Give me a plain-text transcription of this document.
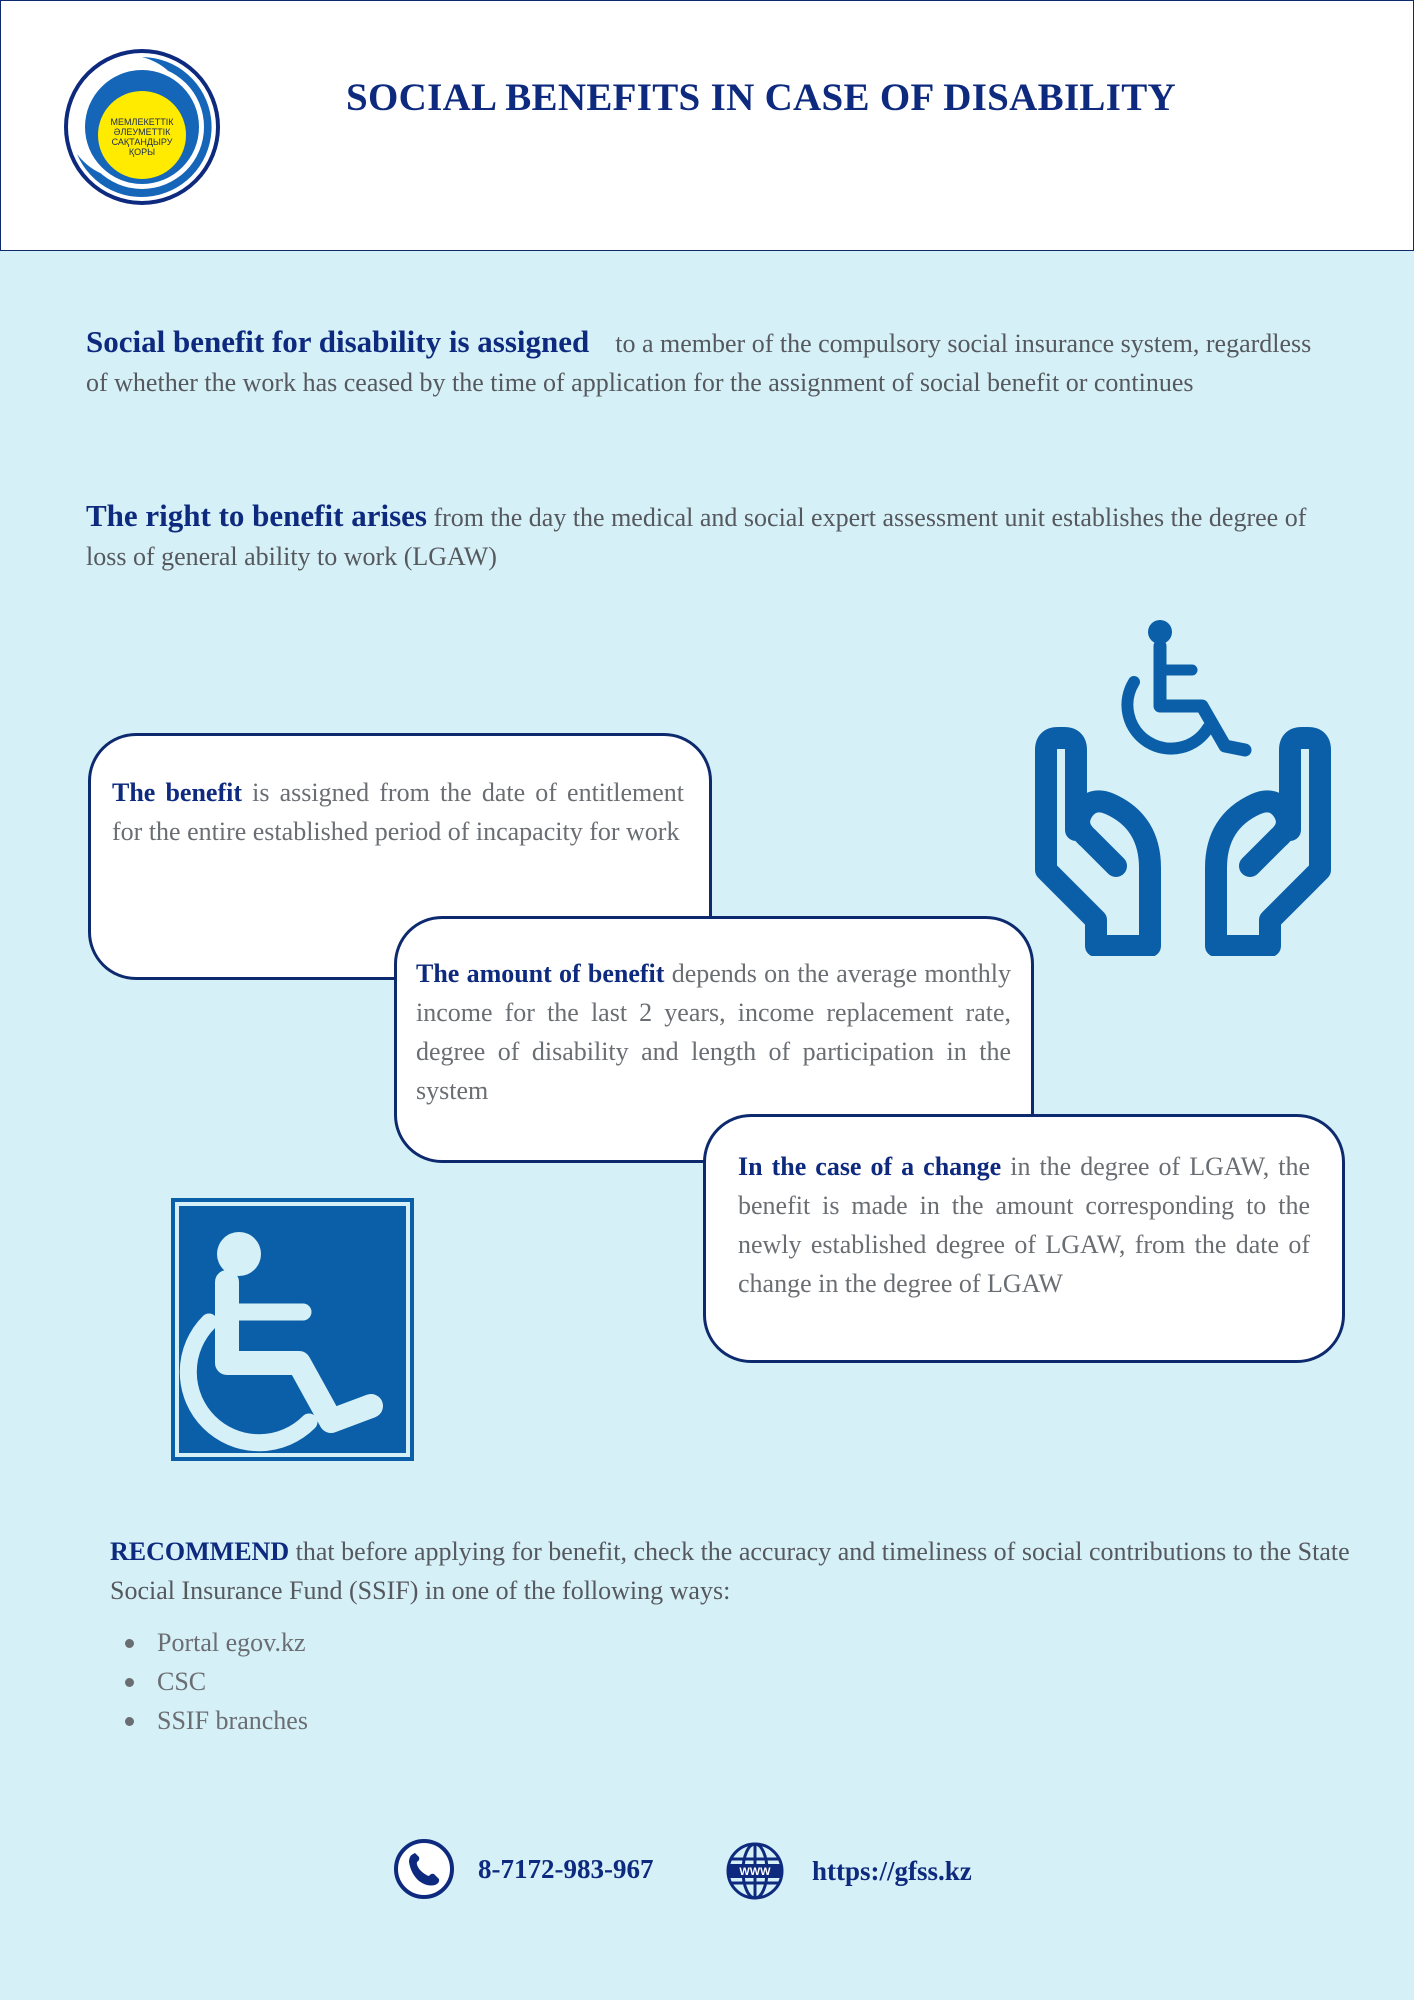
МЕМЛЕКЕТТІК
ӘЛЕУМЕТТІК
САҚТАНДЫРУ
ҚОРЫ
SOCIAL BENEFITS IN CASE OF DISABILITY
Social benefit for disability is assigned to a member of the compulsory social insurance system, regardless of whether the work has ceased by the time of application for the assignment of social benefit or continues
The right to benefit arises from the day the medical and social expert assessment unit establishes the degree of loss of general ability to work (LGAW)
The benefit is assigned from the date of entitlement for the entire established period of incapacity for work
The amount of benefit depends on the average monthly income for the last 2 years, income replacement rate, degree of disability and length of participation in the system
In the case of a change in the degree of LGAW, the benefit is made in the amount corresponding to the newly established degree of LGAW, from the date of change in the degree of LGAW
RECOMMEND that before applying for benefit, check the accuracy and timeliness of social contributions to the State Social Insurance Fund (SSIF) in one of the following ways:
Portal egov.kz
CSC
SSIF branches
8-7172-983-967	WWW https://gfss.kz
